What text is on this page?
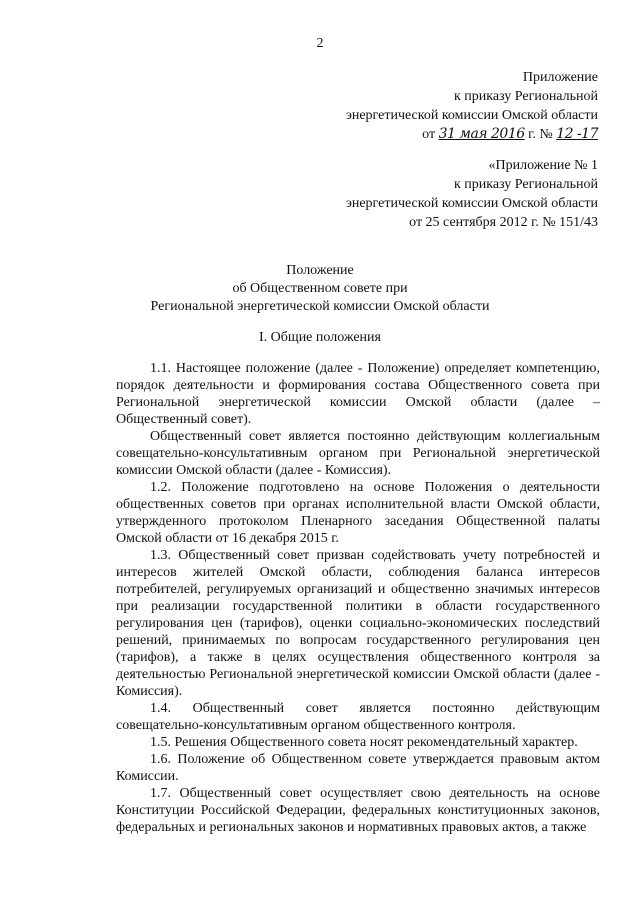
2
Приложение
к приказу Региональной
энергетической комиссии Омской области
от 31 мая 2016 г. № 12 -17
«Приложение № 1
к приказу Региональной
энергетической комиссии Омской области
от 25 сентября 2012 г. № 151/43
Положение
об Общественном совете при
Региональной энергетической комиссии Омской области
I. Общие положения

1.1. Настоящее положение (далее - Положение) определяет компетенцию, порядок деятельности и формирования состава Общественного совета при Региональной энергетической комиссии Омской области (далее – Общественный совет).

Общественный совет является постоянно действующим коллегиальным совещательно-консультативным органом при Региональной энергетической комиссии Омской области (далее - Комиссия).

1.2. Положение подготовлено на основе Положения о деятельности общественных советов при органах исполнительной власти Омской области, утвержденного протоколом Пленарного заседания Общественной палаты Омской области от 16 декабря 2015 г.

1.3. Общественный совет призван содействовать учету потребностей и интересов жителей Омской области, соблюдения баланса интересов потребителей, регулируемых организаций и общественно значимых интересов при реализации государственной политики в области государственного регулирования цен (тарифов), оценки социально-экономических последствий решений, принимаемых по вопросам государственного регулирования цен (тарифов), а также в целях осуществления общественного контроля за деятельностью Региональной энергетической комиссии Омской области (далее - Комиссия).

1.4. Общественный совет является постоянно действующим совещательно-консультативным органом общественного контроля.

1.5. Решения Общественного совета носят рекомендательный характер.

1.6. Положение об Общественном совете утверждается правовым актом Комиссии.

1.7. Общественный совет осуществляет свою деятельность на основе Конституции Российской Федерации, федеральных конституционных законов, федеральных и региональных законов и нормативных правовых актов, а также
